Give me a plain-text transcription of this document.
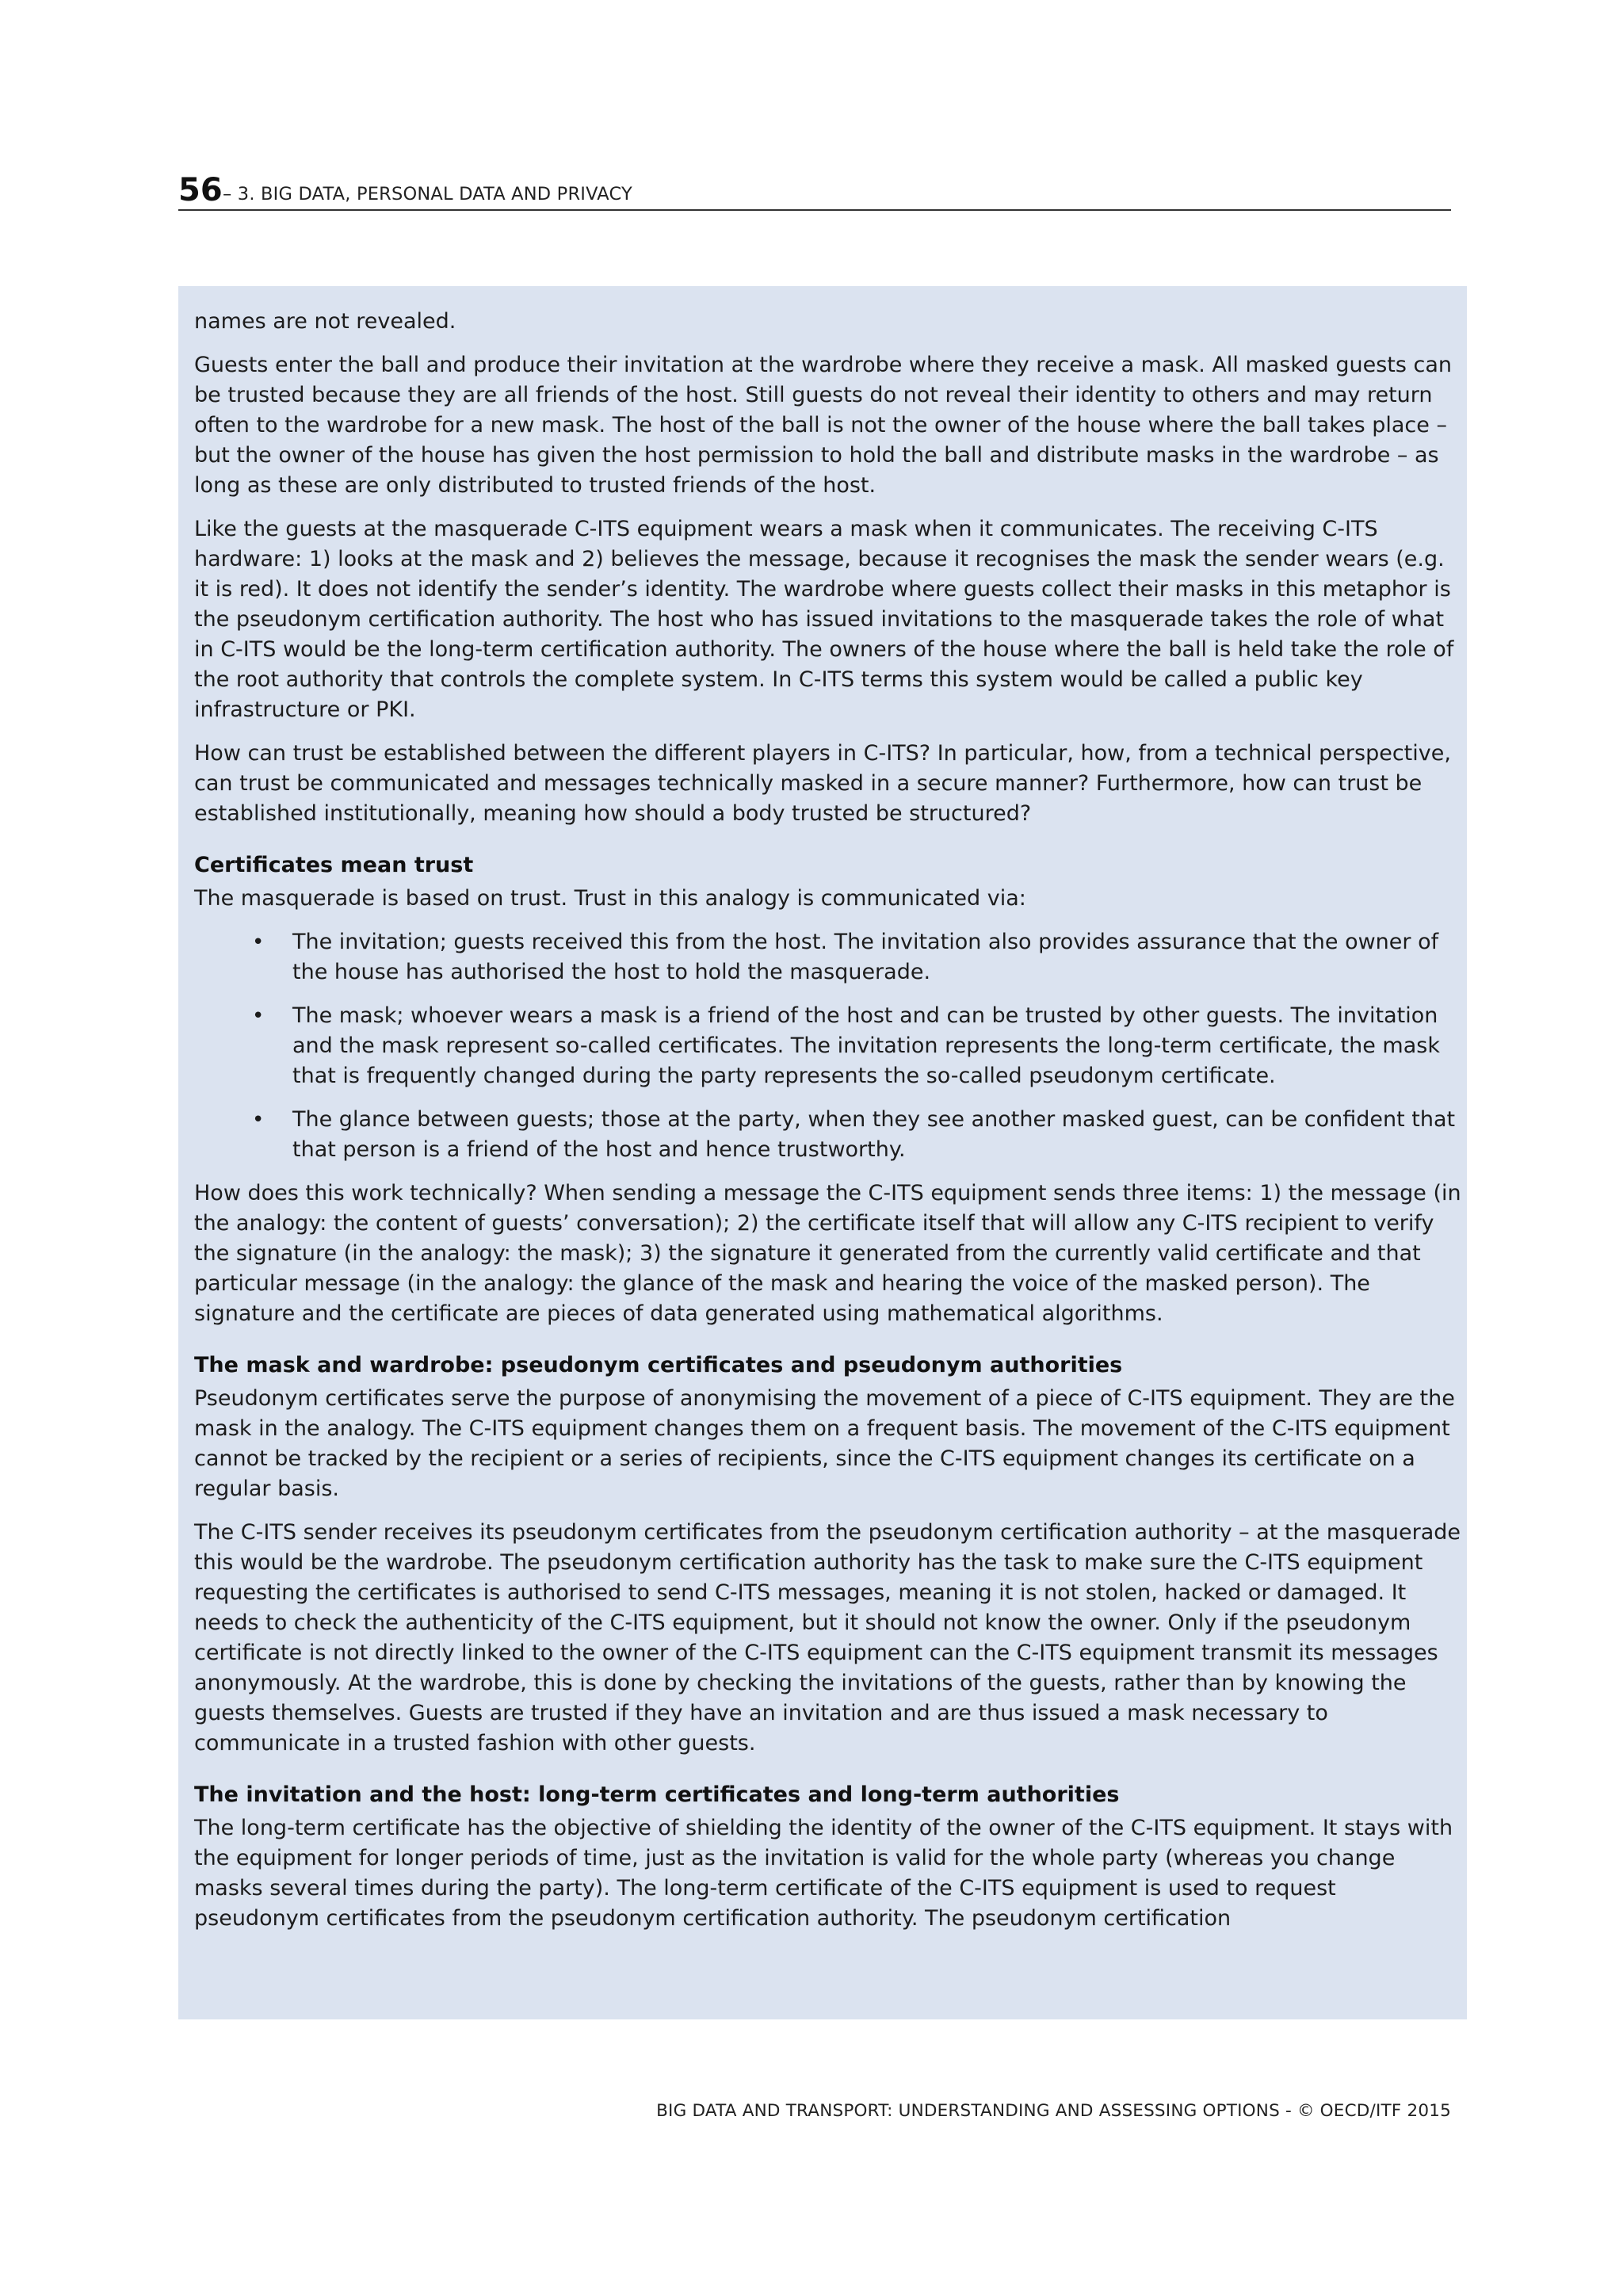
56 – 3. BIG DATA, PERSONAL DATA AND PRIVACY

names are not revealed.

Guests enter the ball and produce their invitation at the wardrobe where they receive a mask. All masked guests can be trusted because they are all friends of the host. Still guests do not reveal their identity to others and may return often to the wardrobe for a new mask. The host of the ball is not the owner of the house where the ball takes place – but the owner of the house has given the host permission to hold the ball and distribute masks in the wardrobe – as long as these are only distributed to trusted friends of the host.

Like the guests at the masquerade C-ITS equipment wears a mask when it communicates. The receiving C-ITS hardware: 1) looks at the mask and 2) believes the message, because it recognises the mask the sender wears (e.g. it is red). It does not identify the sender’s identity. The wardrobe where guests collect their masks in this metaphor is the pseudonym certification authority. The host who has issued invitations to the masquerade takes the role of what in C-ITS would be the long-term certification authority. The owners of the house where the ball is held take the role of the root authority that controls the complete system. In C-ITS terms this system would be called a public key infrastructure or PKI.

How can trust be established between the different players in C-ITS? In particular, how, from a technical perspective, can trust be communicated and messages technically masked in a secure manner? Furthermore, how can trust be established institutionally, meaning how should a body trusted be structured?

Certificates mean trust

The masquerade is based on trust. Trust in this analogy is communicated via:

• The invitation; guests received this from the host. The invitation also provides assurance that the owner of the house has authorised the host to hold the masquerade.
• The mask; whoever wears a mask is a friend of the host and can be trusted by other guests. The invitation and the mask represent so-called certificates. The invitation represents the long-term certificate, the mask that is frequently changed during the party represents the so-called pseudonym certificate.
• The glance between guests; those at the party, when they see another masked guest, can be confident that that person is a friend of the host and hence trustworthy.

How does this work technically? When sending a message the C-ITS equipment sends three items: 1) the message (in the analogy: the content of guests’ conversation); 2) the certificate itself that will allow any C-ITS recipient to verify the signature (in the analogy: the mask); 3) the signature it generated from the currently valid certificate and that particular message (in the analogy: the glance of the mask and hearing the voice of the masked person). The signature and the certificate are pieces of data generated using mathematical algorithms.

The mask and wardrobe: pseudonym certificates and pseudonym authorities

Pseudonym certificates serve the purpose of anonymising the movement of a piece of C-ITS equipment. They are the mask in the analogy. The C-ITS equipment changes them on a frequent basis. The movement of the C-ITS equipment cannot be tracked by the recipient or a series of recipients, since the C-ITS equipment changes its certificate on a regular basis.

The C-ITS sender receives its pseudonym certificates from the pseudonym certification authority – at the masquerade this would be the wardrobe. The pseudonym certification authority has the task to make sure the C-ITS equipment requesting the certificates is authorised to send C-ITS messages, meaning it is not stolen, hacked or damaged. It needs to check the authenticity of the C-ITS equipment, but it should not know the owner. Only if the pseudonym certificate is not directly linked to the owner of the C-ITS equipment can the C-ITS equipment transmit its messages anonymously. At the wardrobe, this is done by checking the invitations of the guests, rather than by knowing the guests themselves. Guests are trusted if they have an invitation and are thus issued a mask necessary to communicate in a trusted fashion with other guests.

The invitation and the host: long-term certificates and long-term authorities

The long-term certificate has the objective of shielding the identity of the owner of the C-ITS equipment. It stays with the equipment for longer periods of time, just as the invitation is valid for the whole party (whereas you change masks several times during the party). The long-term certificate of the C-ITS equipment is used to request pseudonym certificates from the pseudonym certification authority. The pseudonym certification

BIG DATA AND TRANSPORT: UNDERSTANDING AND ASSESSING OPTIONS - © OECD/ITF 2015
